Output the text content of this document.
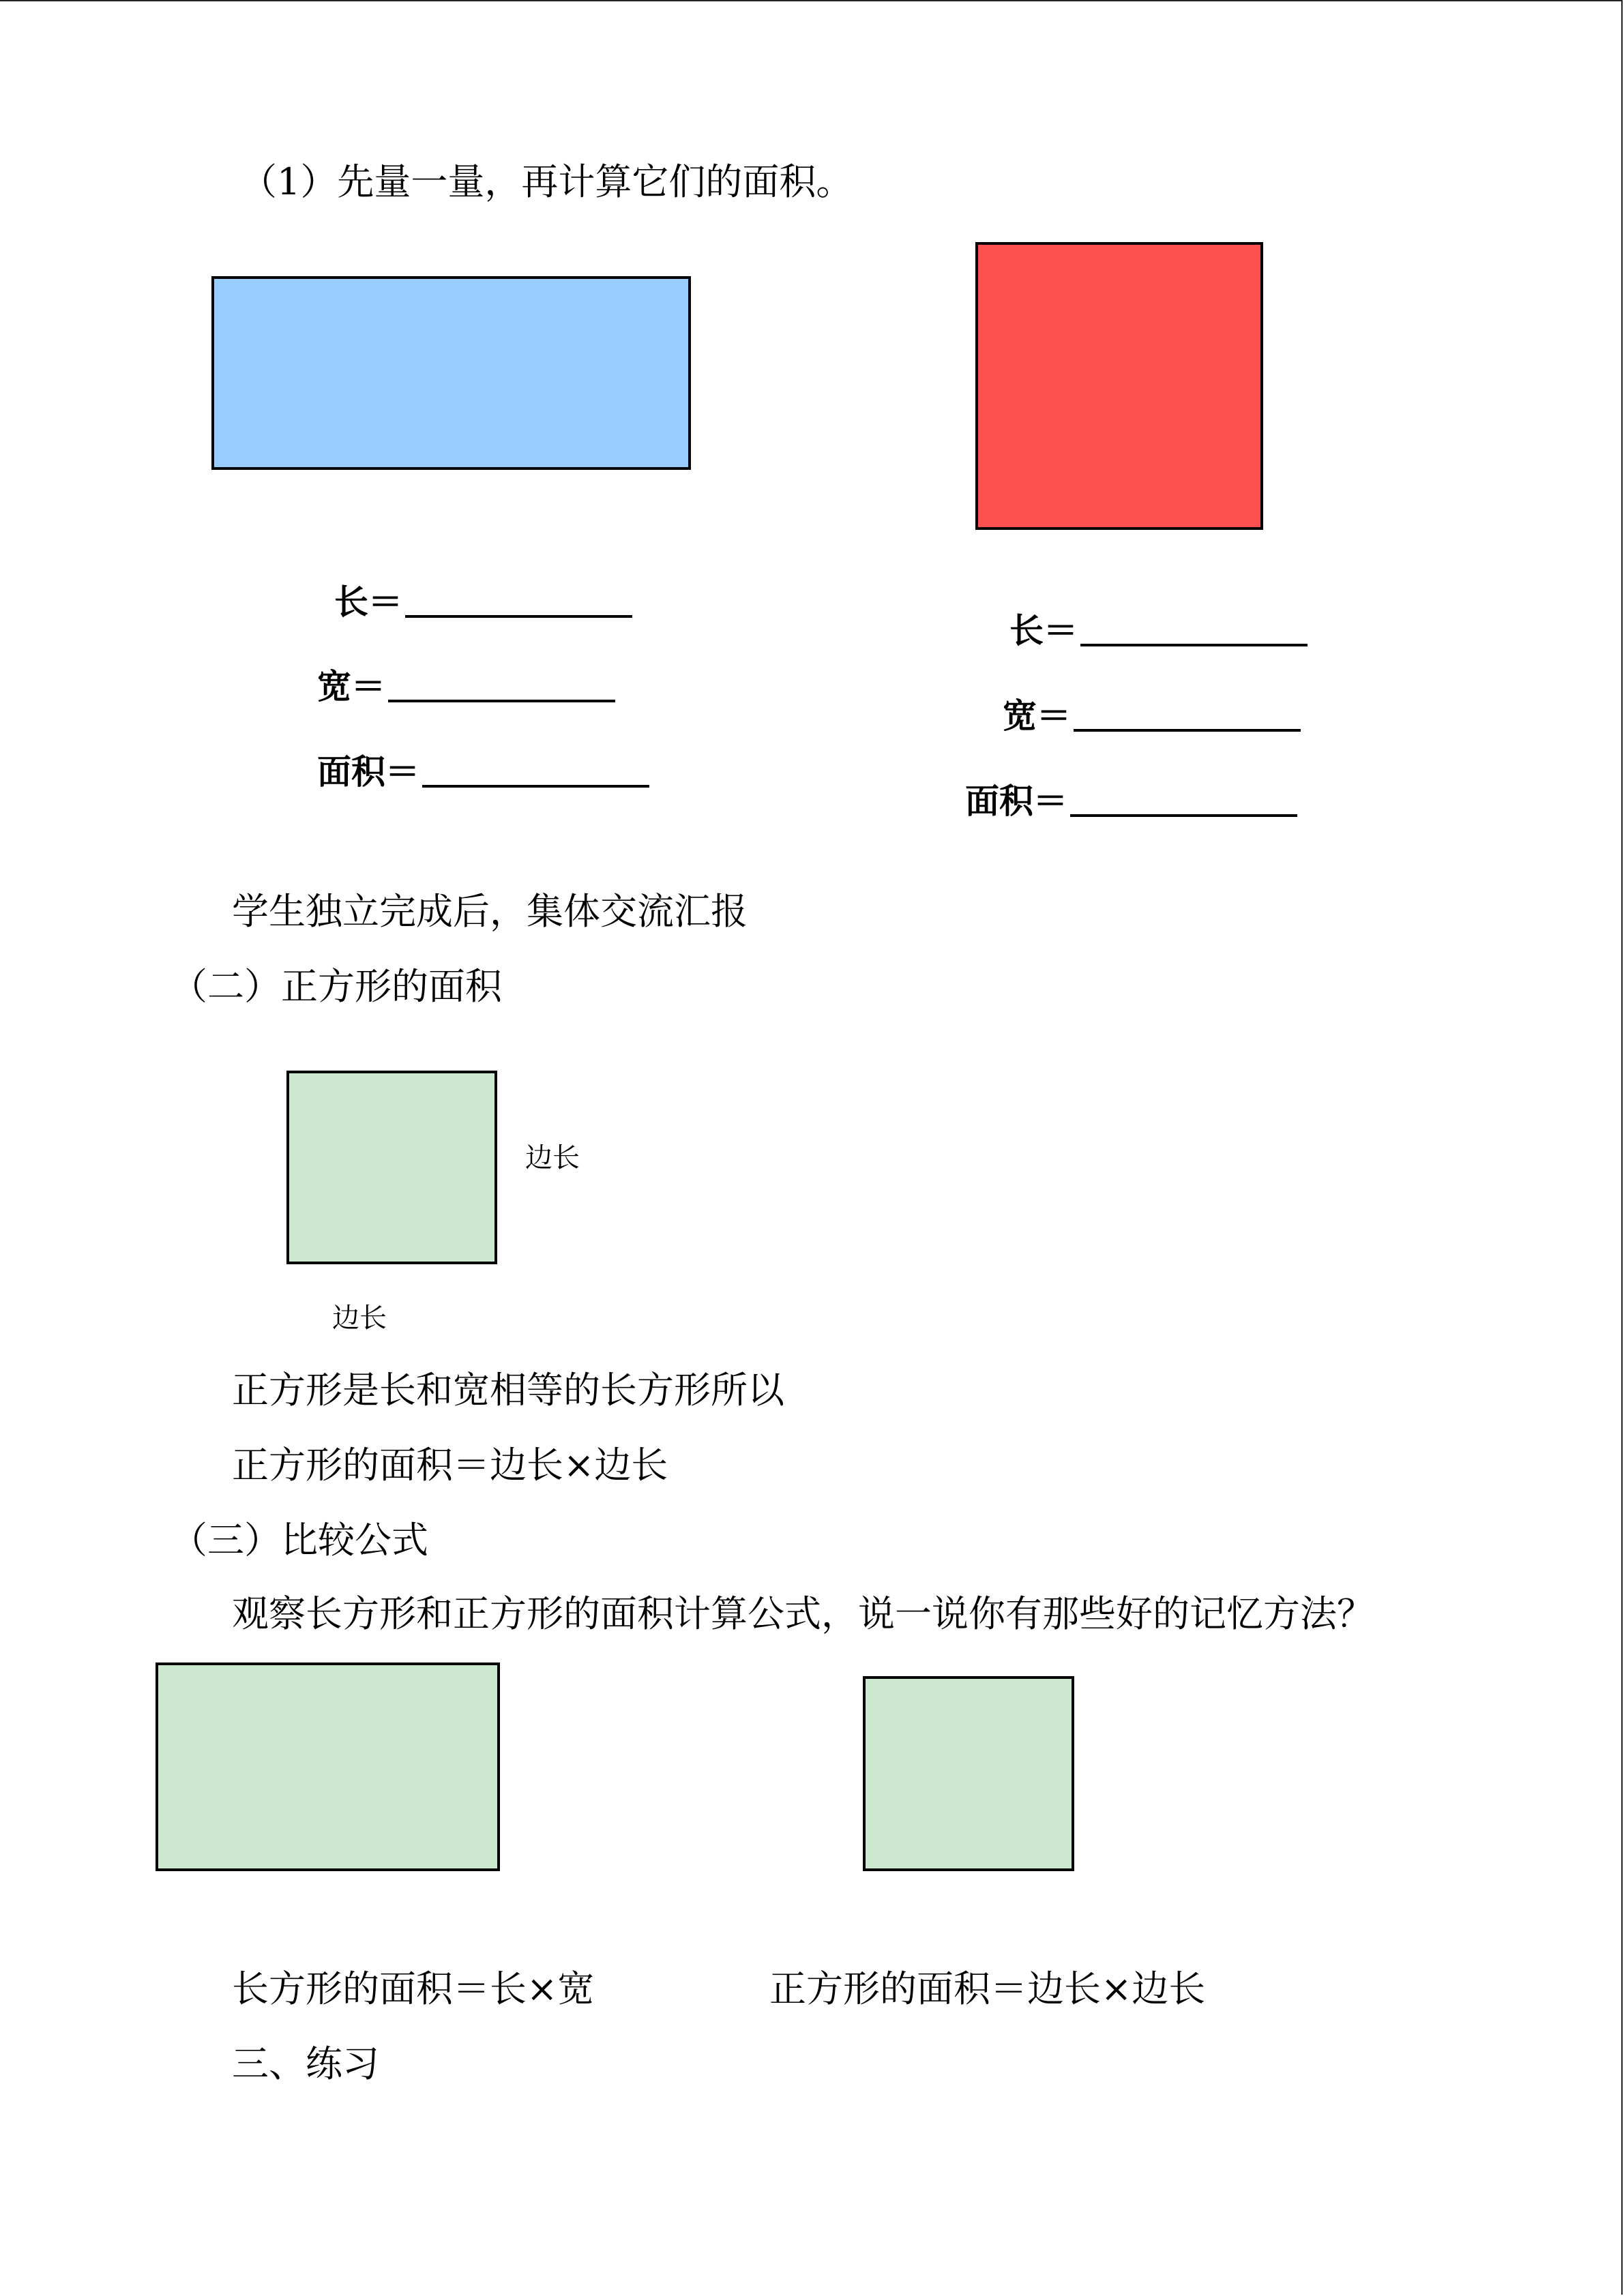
（1）先量一量，再计算它们的面积。
长＝
宽＝
面积＝
长＝
宽＝
面积＝
学生独立完成后，集体交流汇报
（二）正方形的面积
边长
边长
正方形是长和宽相等的长方形所以
正方形的面积＝边长×边长
（三）比较公式
观察长方形和正方形的面积计算公式，说一说你有那些好的记忆方法？
长方形的面积＝长×宽	正方形的面积＝边长×边长
三、练习
